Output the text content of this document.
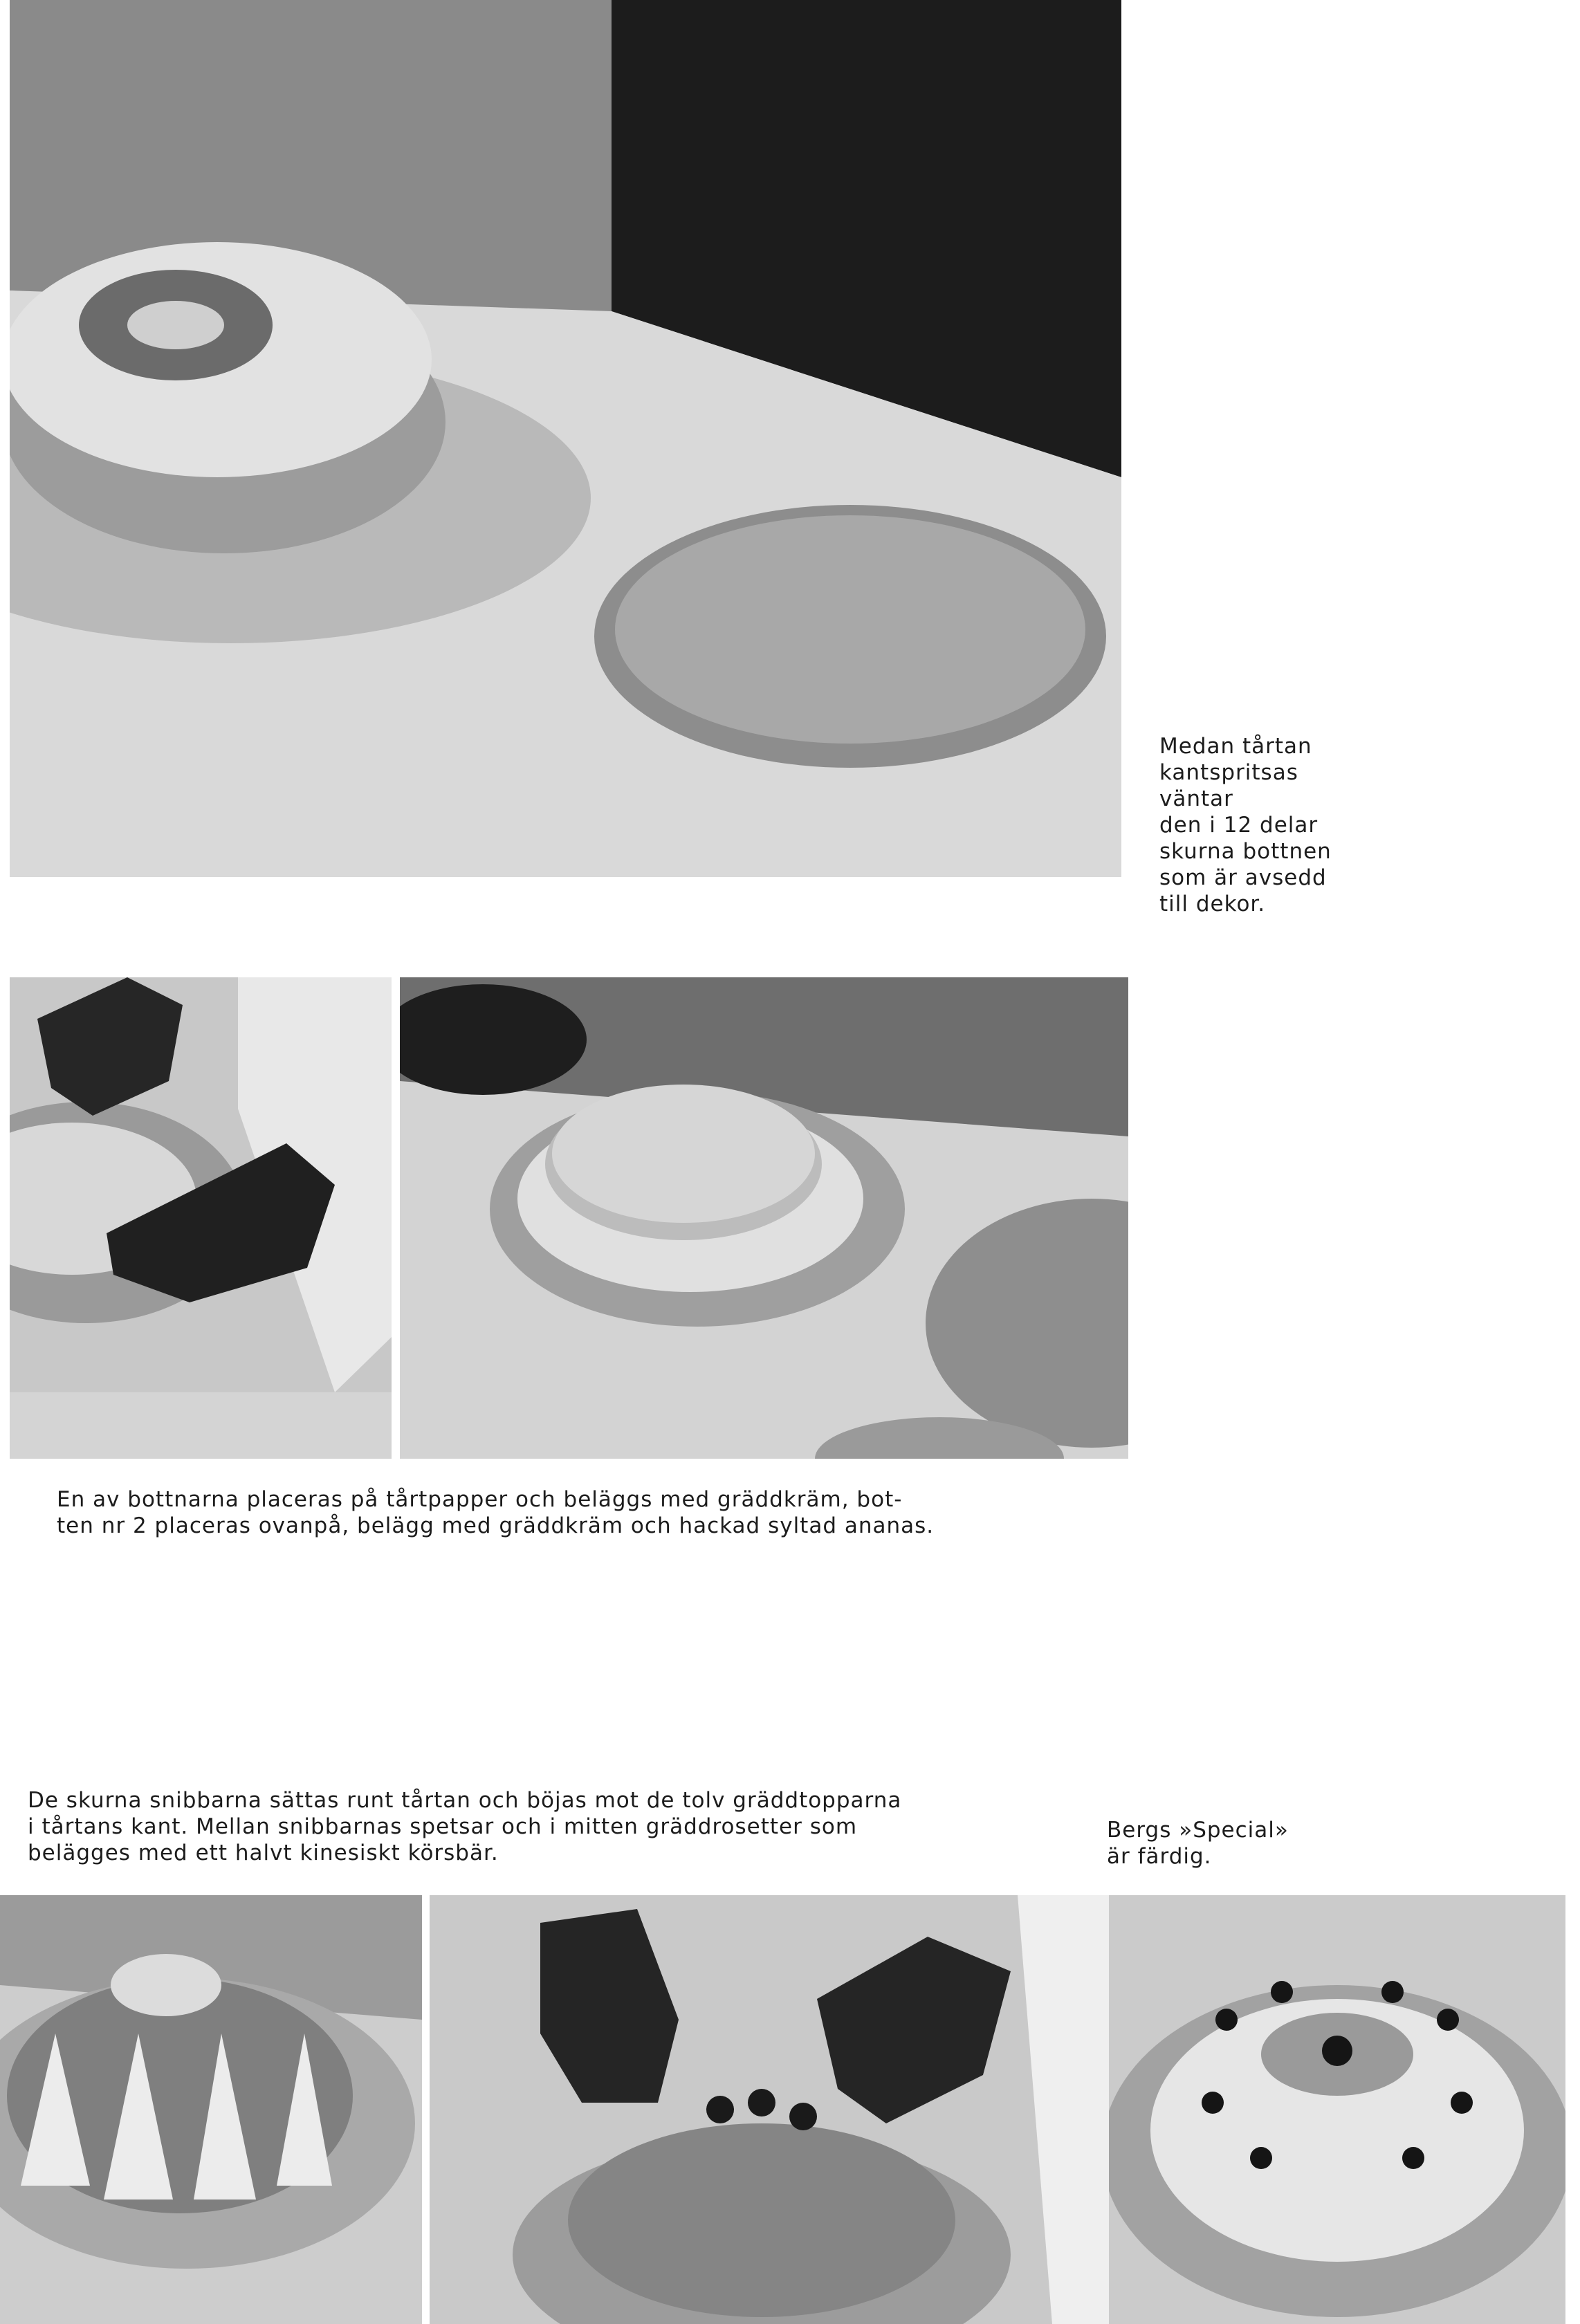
Medan tårtan
kantspritsas väntar
den i 12 delar
skurna bottnen
som är avsedd
till dekor.

En av bottnarna placeras på tårtpapper och beläggs med gräddkräm, bot-
ten nr 2 placeras ovanpå, belägg med gräddkräm och hackad syltad ananas.

De skurna snibbarna sättas runt tårtan och böjas mot de tolv gräddtopparna
i tårtans kant. Mellan snibbarnas spetsar och i mitten gräddrosetter som
belägges med ett halvt kinesiskt körsbär.

Bergs »Special»
är färdig.
